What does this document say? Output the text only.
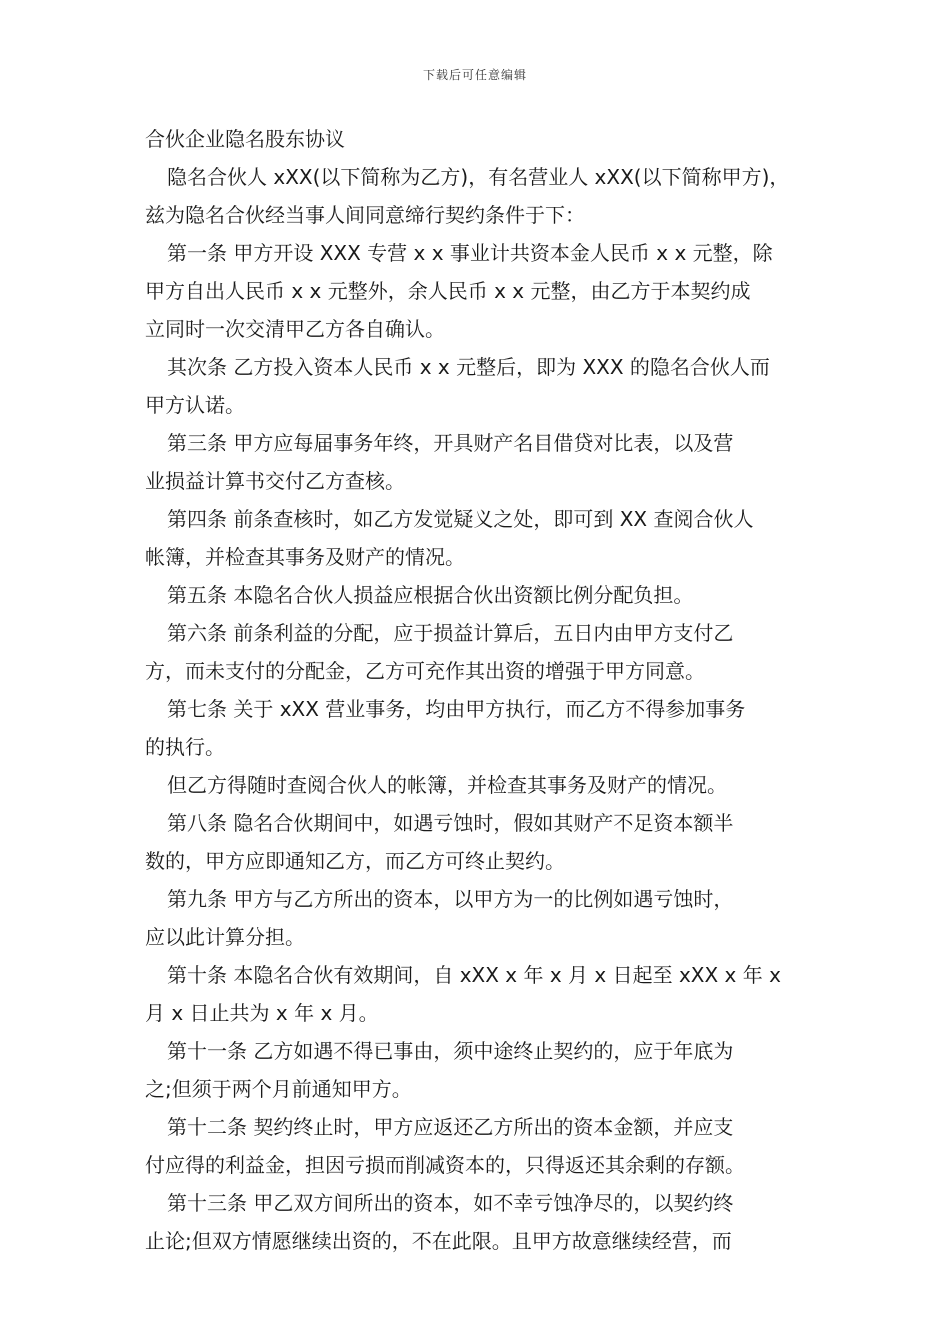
下载后可任意编辑
合伙企业隐名股东协议
隐名合伙人 xXX(以下简称为乙方)，有名营业人 xXX(以下简称甲方)，
兹为隐名合伙经当事人间同意缔行契约条件于下：
第一条 甲方开设 XXX 专营 x x 事业计共资本金人民币 x x 元整，除
甲方自出人民币 x x 元整外，余人民币 x x 元整，由乙方于本契约成
立同时一次交清甲乙方各自确认。
其次条 乙方投入资本人民币 x x 元整后，即为 XXX 的隐名合伙人而
甲方认诺。
第三条 甲方应每届事务年终，开具财产名目借贷对比表，以及营
业损益计算书交付乙方查核。
第四条 前条查核时，如乙方发觉疑义之处，即可到 XX 查阅合伙人
帐簿，并检查其事务及财产的情况。
第五条 本隐名合伙人损益应根据合伙出资额比例分配负担。
第六条 前条利益的分配，应于损益计算后，五日内由甲方支付乙
方，而未支付的分配金，乙方可充作其出资的增强于甲方同意。
第七条 关于 xXX 营业事务，均由甲方执行，而乙方不得参加事务
的执行。
但乙方得随时查阅合伙人的帐簿，并检查其事务及财产的情况。
第八条 隐名合伙期间中，如遇亏蚀时，假如其财产不足资本额半
数的，甲方应即通知乙方，而乙方可终止契约。
第九条 甲方与乙方所出的资本，以甲方为一的比例如遇亏蚀时，
应以此计算分担。
第十条 本隐名合伙有效期间，自 xXX x 年 x 月 x 日起至 xXX x 年 x
月 x 日止共为 x 年 x 月。
第十一条 乙方如遇不得已事由，须中途终止契约的，应于年底为
之;但须于两个月前通知甲方。
第十二条 契约终止时，甲方应返还乙方所出的资本金额，并应支
付应得的利益金，担因亏损而削减资本的，只得返还其余剩的存额。
第十三条 甲乙双方间所出的资本，如不幸亏蚀净尽的，以契约终
止论;但双方情愿继续出资的，不在此限。且甲方故意继续经营，而
